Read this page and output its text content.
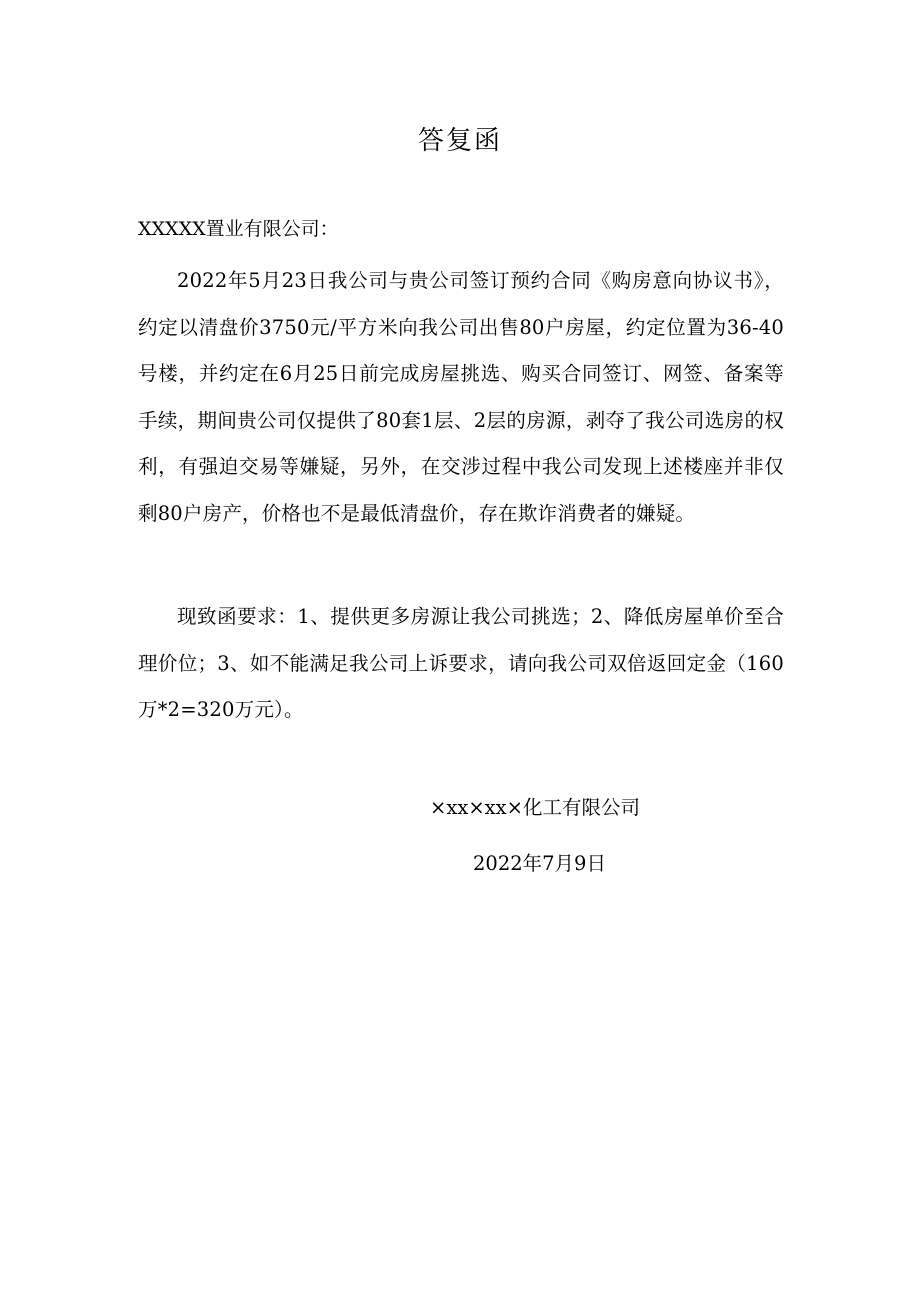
答复函
XXXXX置业有限公司：

2022年5月23日我公司与贵公司签订预约合同《购房意向协议书》，约定以清盘价3750元/平方米向我公司出售80户房屋，约定位置为36-40号楼，并约定在6月25日前完成房屋挑选、购买合同签订、网签、备案等手续，期间贵公司仅提供了80套1层、2层的房源，剥夺了我公司选房的权利，有强迫交易等嫌疑，另外，在交涉过程中我公司发现上述楼座并非仅剩80户房产，价格也不是最低清盘价，存在欺诈消费者的嫌疑。

现致函要求：1、提供更多房源让我公司挑选；2、降低房屋单价至合理价位；3、如不能满足我公司上诉要求，请向我公司双倍返回定金（160万*2=320万元）。

×xx×xx×化工有限公司
2022年7月9日
